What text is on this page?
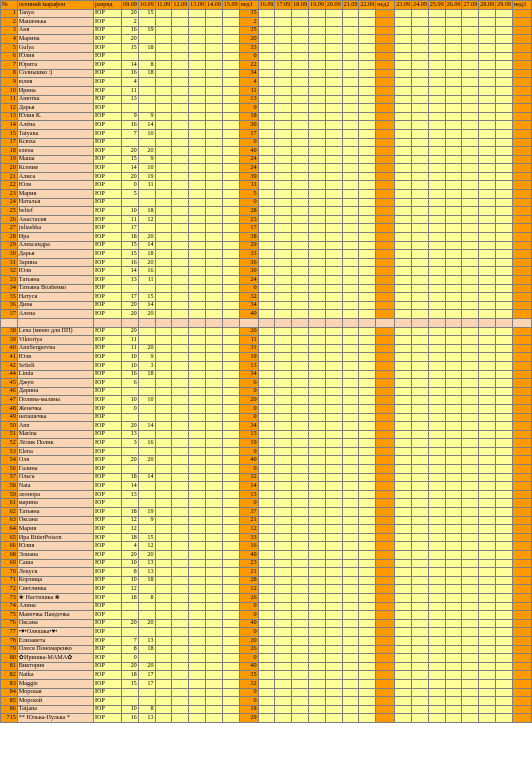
№	осенний марафон	разряд	09.09	10.09	11.09	12.09	13.09	14.09	15.09	нед1	16.09	17.09	18.09	19.09	20.09	21.09	22.09	нед2	23.09	24.09	25.09	26.09	27.09	28.09	29.09	нед3
1	Tanya	ЮР	20	15						35																
2	Машенька	ЮР	2							2																
3	Аня	ЮР	16	19						35																
4	Марина	ЮР	20							20																
5	Gulya	ЮР	15	18						33																
6	Юлия	ЮР								0																
7	Юрита	ЮР	14	8						22																
8	Солнышко :)	ЮР	16	18						34																
9	юлия	ЮР	4							4																
10	Ирина	ЮР	11							11																
11	Анютка	ЮР	13							13																
12	Дарья	ЮР								0																
13	Юлия К.	ЮР	9	9						18																
14	Алёна	ЮР	16	14						30																
15	Tatyana	ЮР	7	10						17																
17	Ксюха	ЮР								0																
18	елена	ЮР	20	20						40																
19	Маша	ЮР	15	9						24																
20	Ксения	ЮР	14	10						24																
21	Алиса	ЮР	20	19						39																
22	Юля	ЮР	0	11						11																
23	Мария	ЮР	5							5																
24	Наталья	ЮР								0																
25	belief	ЮР	10	18						28																
26	Анастасия	ЮР	11	12						23																
27	juliashka	ЮР	17							17																
28	Ира	ЮР	18	20						38																
29	Александра	ЮР	15	14						29																
30	Дарья	ЮР	15	18						33																
31	Зарина	ЮР	16	20						36																
32	Юля	ЮР	14	16						30																
33	Татьяна	ЮР	13	11						24																
34	Татьяна Волбенко	ЮР								0																
35	Натуся	ЮР	17	15						32																
36	Дина	ЮР	20	14						34																
37	Алена	ЮР	20	20						40																

38	Lena (меню для ПП)	ЮР	20							20																
39	Viktoriya	ЮР	11							11																
40	AnnSergeevna	ЮР	11	20						31																
41	Юля	ЮР	10	9						19																
42	SeSeli	ЮР	10	3						13																
44	Linda	ЮР	16	18						34																
45	Джун	ЮР	6							6																
46	Дарина	ЮР								0																
47	Полина-малина	ЮР	10	10						20																
48	Женечка	ЮР	0							0																
49	наташечка	ЮР								0																
50	Ann	ЮР	20	14						34																
51	Marina	ЮР	13							13																
52	Лёлик Полик	ЮР	3	16						19																
53	Elena	ЮР								0																
54	Оля	ЮР	20	20						40																
56	Галина	ЮР								0																
57	Ольга	ЮР	18	14						32																
58	Nata	ЮР	14							14																
59	леонора	ЮР	13							13																
61	марина	ЮР								0																
62	Татьяна	ЮР	18	19						37																
63	Оксана	ЮР	12	9						21																
64	Мария	ЮР	12							12																
65	Ира BitterPoison	ЮР	18	15						33																
66	Юлия	ЮР	4	12						16																
68	Элиана	ЮР	20	20						40																
69	Саша	ЮР	10	13						23																
70	Лекуся	ЮР	8	13						21																
71	Корзища	ЮР	10	18						28																
72	Светлинка	ЮР	12							12																
73	❀ Настюшка ❀	ЮР	18	8						26																
74	Алина	ЮР								0																
75	Мамочка Пандочка	ЮР								0																
76	Оксана	ЮР	20	20						40																
77	•♥•Олюшка•♥•	ЮР								0																
78	Елизавета	ЮР	7	13						20																
79	Олеся Пономаренко	ЮР	8	18						26																
80	✿Иришка-МАМА✿	ЮР	0							0																
81	Виктория	ЮР	20	20						40																
82	Natka	ЮР	18	17						35																
83	Maggie	ЮР	15	17						32																
84	Морская	ЮР								0																
85	Морской	ЮР								0																
86	Tatjana	ЮР	10	8						18																
715	** Юлька-Пулька *	ЮР	16	13						29																
